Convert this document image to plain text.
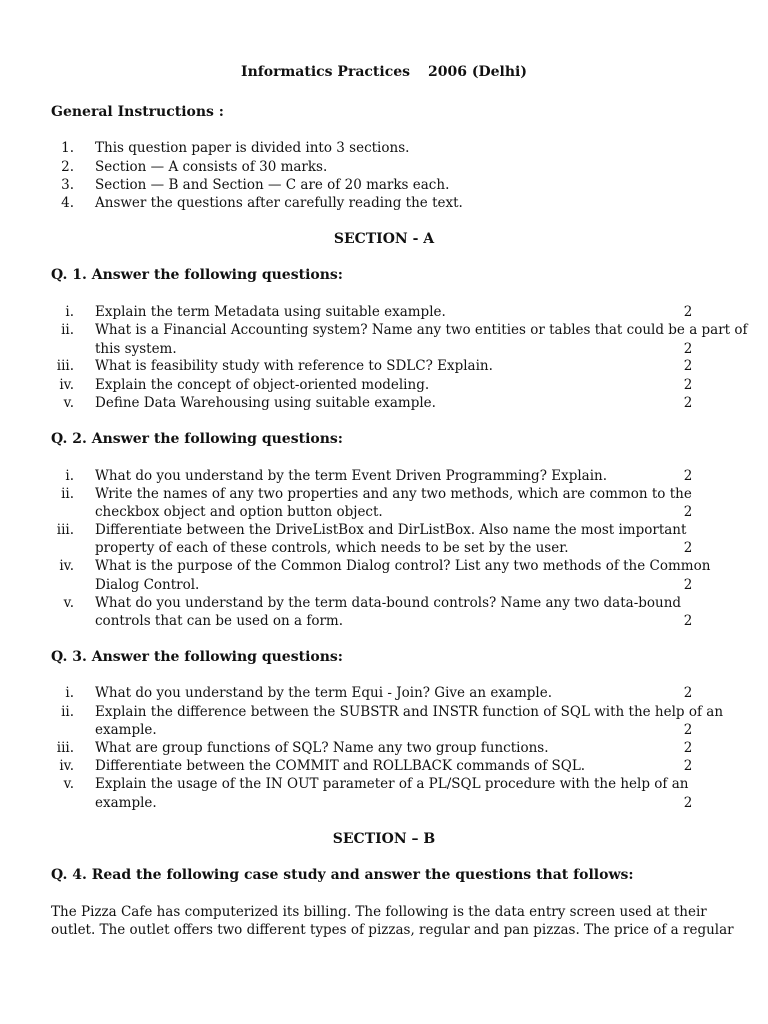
Informatics Practices 2006 (Delhi)
General Instructions :
1. This question paper is divided into 3 sections.
2. Section — A consists of 30 marks.
3. Section — B and Section — C are of 20 marks each.
4. Answer the questions after carefully reading the text.
SECTION - A
Q. 1. Answer the following questions:
i. Explain the term Metadata using suitable example.	2
ii. What is a Financial Accounting system? Name any two entities or tables that could be a part of
this system.	2
iii. What is feasibility study with reference to SDLC? Explain.	2
iv. Explain the concept of object-oriented modeling.	2
v. Define Data Warehousing using suitable example.	2
Q. 2. Answer the following questions:
i. What do you understand by the term Event Driven Programming? Explain.	2
ii. Write the names of any two properties and any two methods, which are common to the
checkbox object and option button object.	2
iii. Differentiate between the DriveListBox and DirListBox. Also name the most important
property of each of these controls, which needs to be set by the user.	2
iv. What is the purpose of the Common Dialog control? List any two methods of the Common
Dialog Control.	2
v. What do you understand by the term data-bound controls? Name any two data-bound
controls that can be used on a form.	2
Q. 3. Answer the following questions:
i. What do you understand by the term Equi - Join? Give an example.	2
ii. Explain the difference between the SUBSTR and INSTR function of SQL with the help of an
example.	2
iii. What are group functions of SQL? Name any two group functions.	2
iv. Differentiate between the COMMIT and ROLLBACK commands of SQL.	2
v. Explain the usage of the IN OUT parameter of a PL/SQL procedure with the help of an
example.	2
SECTION – B
Q. 4. Read the following case study and answer the questions that follows:
The Pizza Cafe has computerized its billing. The following is the data entry screen used at their
outlet. The outlet offers two different types of pizzas, regular and pan pizzas. The price of a regular
